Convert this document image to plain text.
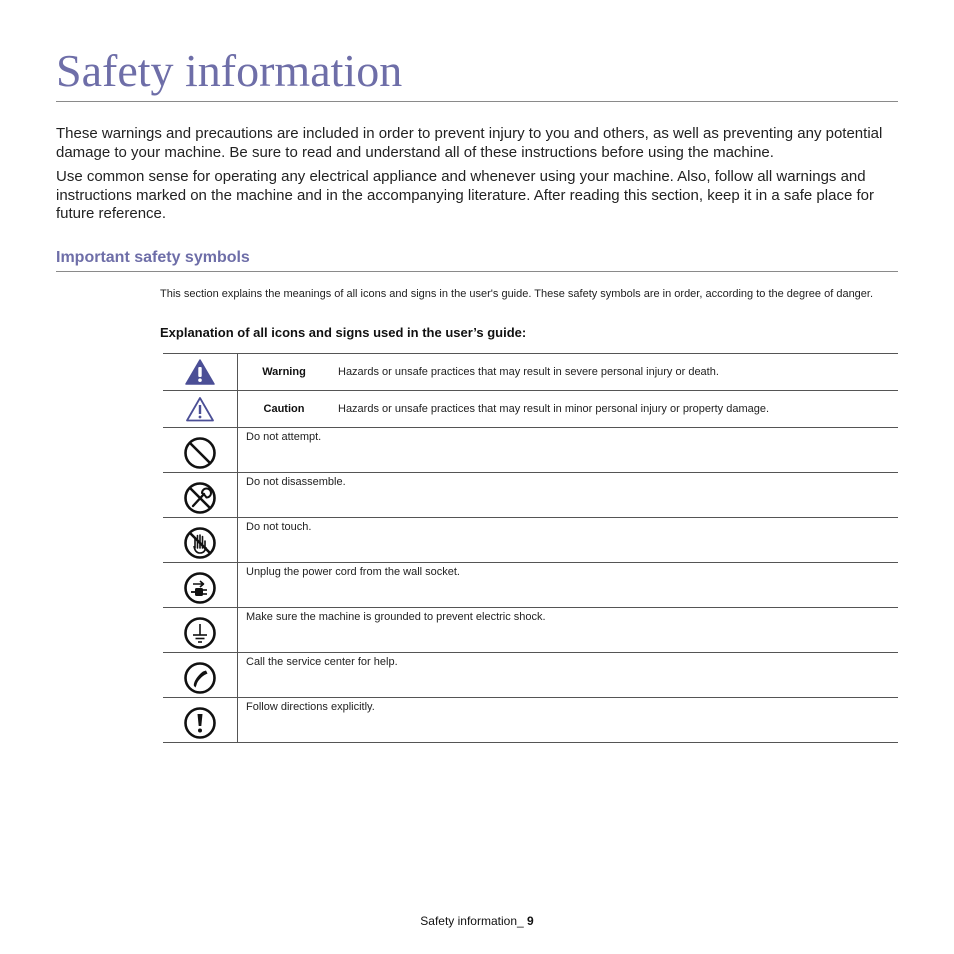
Safety information

These warnings and precautions are included in order to prevent injury to you and others, as well as preventing any potential damage to your machine. Be sure to read and understand all of these instructions before using the machine.

Use common sense for operating any electrical appliance and whenever using your machine. Also, follow all warnings and instructions marked on the machine and in the accompanying literature. After reading this section, keep it in a safe place for future reference.

Important safety symbols

This section explains the meanings of all icons and signs in the user's guide. These safety symbols are in order, according to the degree of danger.

Explanation of all icons and signs used in the user’s guide:
	Warning Hazards or unsafe practices that may result in severe personal injury or death.

	Caution Hazards or unsafe practices that may result in minor personal injury or property damage.

Do not attempt.

Do not disassemble.

Do not touch.

Unplug the power cord from the wall socket.

Make sure the machine is grounded to prevent electric shock.

Call the service center for help.

Follow directions explicitly.
Safety information_ 9
